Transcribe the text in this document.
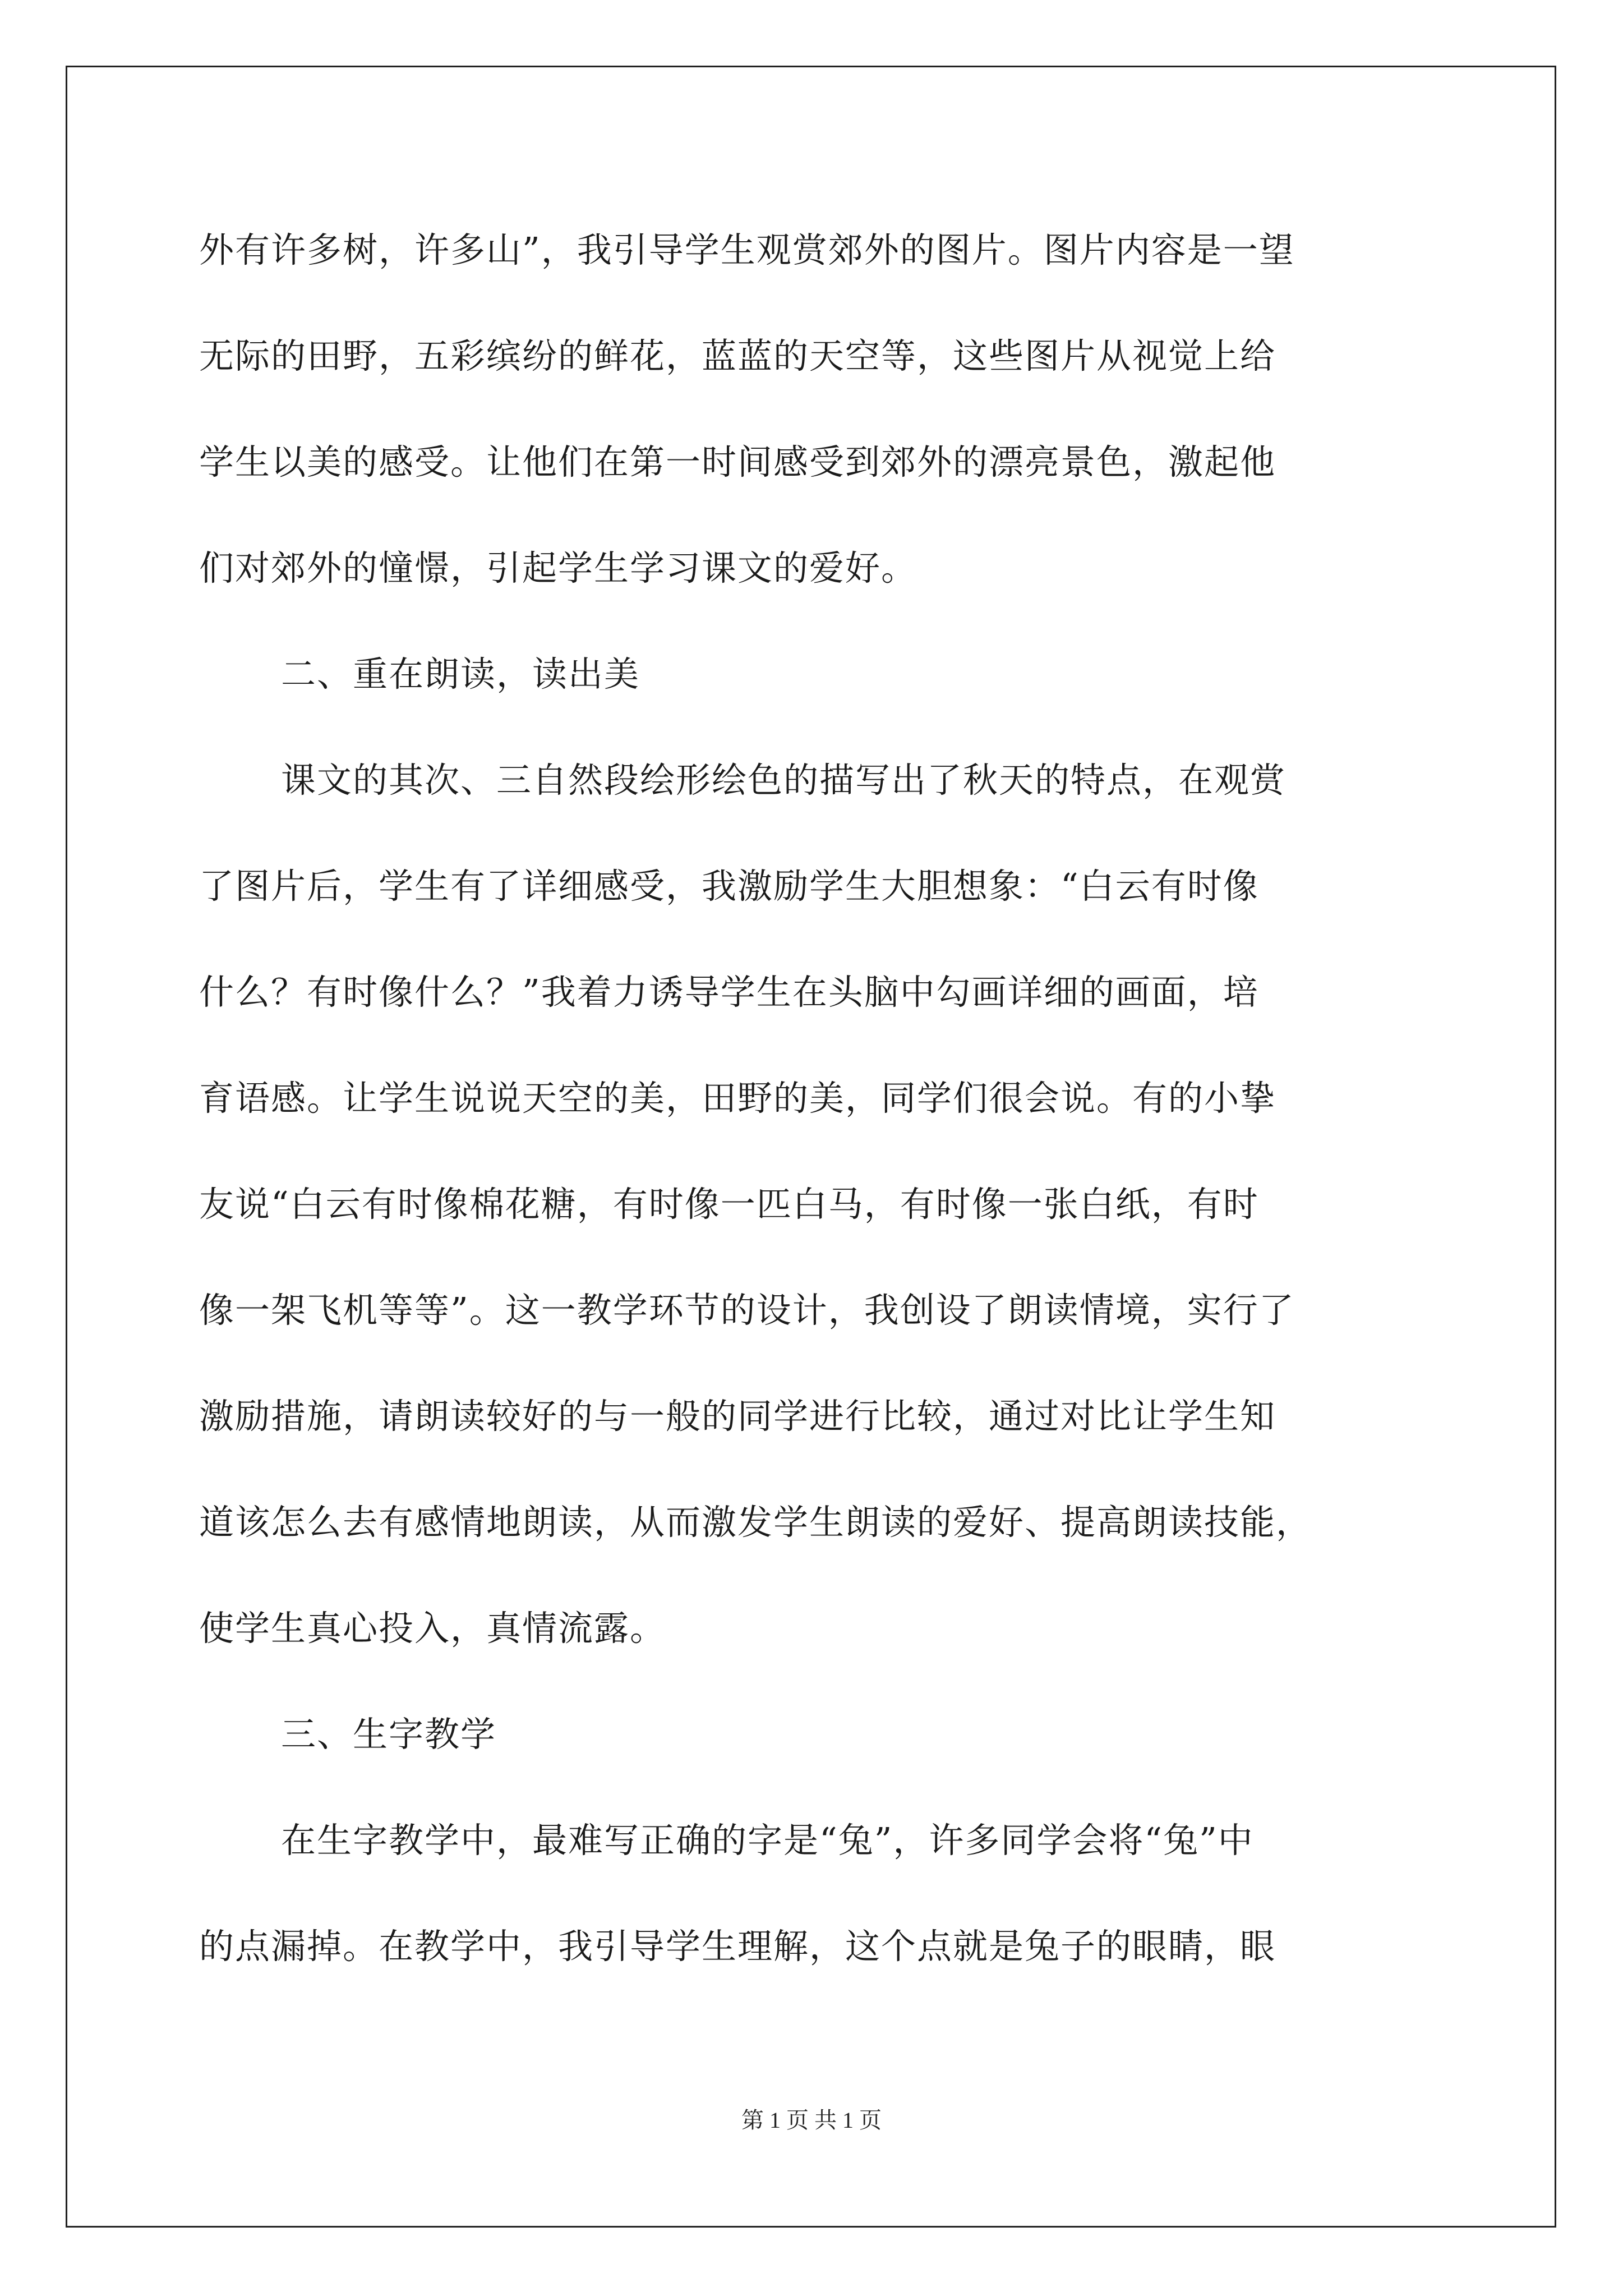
外有许多树，许多山”，我引导学生观赏郊外的图片。图片内容是一望
无际的田野，五彩缤纷的鲜花，蓝蓝的天空等，这些图片从视觉上给
学生以美的感受。让他们在第一时间感受到郊外的漂亮景色，激起他
们对郊外的憧憬，引起学生学习课文的爱好。
二、重在朗读，读出美
课文的其次、三自然段绘形绘色的描写出了秋天的特点，在观赏
了图片后，学生有了详细感受，我激励学生大胆想象：“白云有时像
什么？有时像什么？”我着力诱导学生在头脑中勾画详细的画面，培
育语感。让学生说说天空的美，田野的美，同学们很会说。有的小挚
友说“白云有时像棉花糖，有时像一匹白马，有时像一张白纸，有时
像一架飞机等等”。这一教学环节的设计，我创设了朗读情境，实行了
激励措施，请朗读较好的与一般的同学进行比较，通过对比让学生知
道该怎么去有感情地朗读，从而激发学生朗读的爱好、提高朗读技能，
使学生真心投入，真情流露。
三、生字教学
在生字教学中，最难写正确的字是“兔”，许多同学会将“兔”中
的点漏掉。在教学中，我引导学生理解，这个点就是兔子的眼睛，眼
第 1 页 共 1 页
